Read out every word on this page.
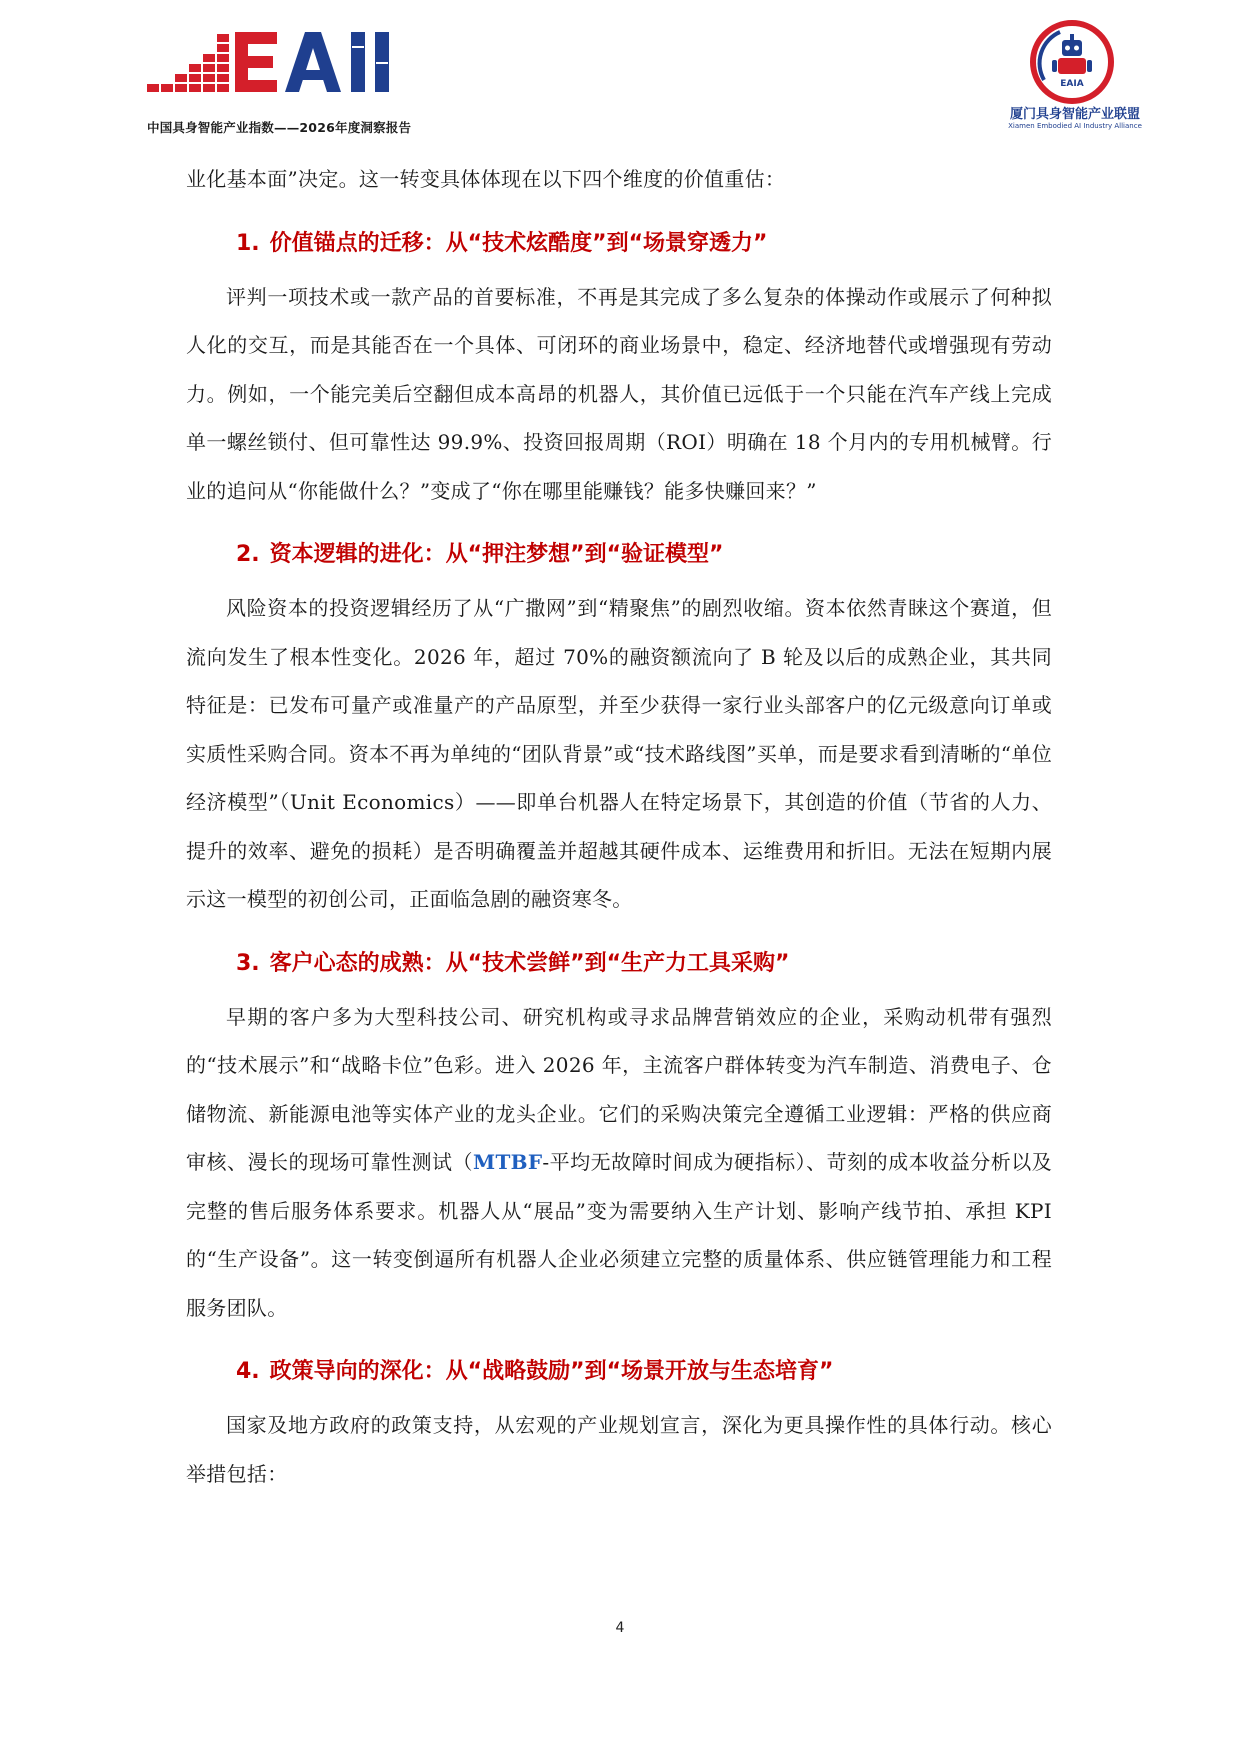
中国具身智能产业指数——2026年度洞察报告
EAIA
厦门具身智能产业联盟
Xiamen Embodied AI Industry Alliance

业化基本面”决定。这一转变具体体现在以下四个维度的价值重估：

1. 价值锚点的迁移：从“技术炫酷度”到“场景穿透力”

评判一项技术或一款产品的首要标准，不再是其完成了多么复杂的体操动作或展示了何种拟人化的交互，而是其能否在一个具体、可闭环的商业场景中，稳定、经济地替代或增强现有劳动力。例如，一个能完美后空翻但成本高昂的机器人，其价值已远低于一个只能在汽车产线上完成单一螺丝锁付、但可靠性达 99.9%、投资回报周期（ROI）明确在 18 个月内的专用机械臂。行业的追问从“你能做什么？”变成了“你在哪里能赚钱？能多快赚回来？”

2. 资本逻辑的进化：从“押注梦想”到“验证模型”

风险资本的投资逻辑经历了从“广撒网”到“精聚焦”的剧烈收缩。资本依然青睐这个赛道，但流向发生了根本性变化。2026 年，超过 70%的融资额流向了 B 轮及以后的成熟企业，其共同特征是：已发布可量产或准量产的产品原型，并至少获得一家行业头部客户的亿元级意向订单或实质性采购合同。资本不再为单纯的“团队背景”或“技术路线图”买单，而是要求看到清晰的“单位经济模型”（Unit Economics）——即单台机器人在特定场景下，其创造的价值（节省的人力、提升的效率、避免的损耗）是否明确覆盖并超越其硬件成本、运维费用和折旧。无法在短期内展示这一模型的初创公司，正面临急剧的融资寒冬。

3. 客户心态的成熟：从“技术尝鲜”到“生产力工具采购”

早期的客户多为大型科技公司、研究机构或寻求品牌营销效应的企业，采购动机带有强烈的“技术展示”和“战略卡位”色彩。进入 2026 年，主流客户群体转变为汽车制造、消费电子、仓储物流、新能源电池等实体产业的龙头企业。它们的采购决策完全遵循工业逻辑：严格的供应商审核、漫长的现场可靠性测试（MTBF-平均无故障时间成为硬指标）、苛刻的成本收益分析以及完整的售后服务体系要求。机器人从“展品”变为需要纳入生产计划、影响产线节拍、承担 KPI 的“生产设备”。这一转变倒逼所有机器人企业必须建立完整的质量体系、供应链管理能力和工程服务团队。

4. 政策导向的深化：从“战略鼓励”到“场景开放与生态培育”

国家及地方政府的政策支持，从宏观的产业规划宣言，深化为更具操作性的具体行动。核心举措包括：

4
